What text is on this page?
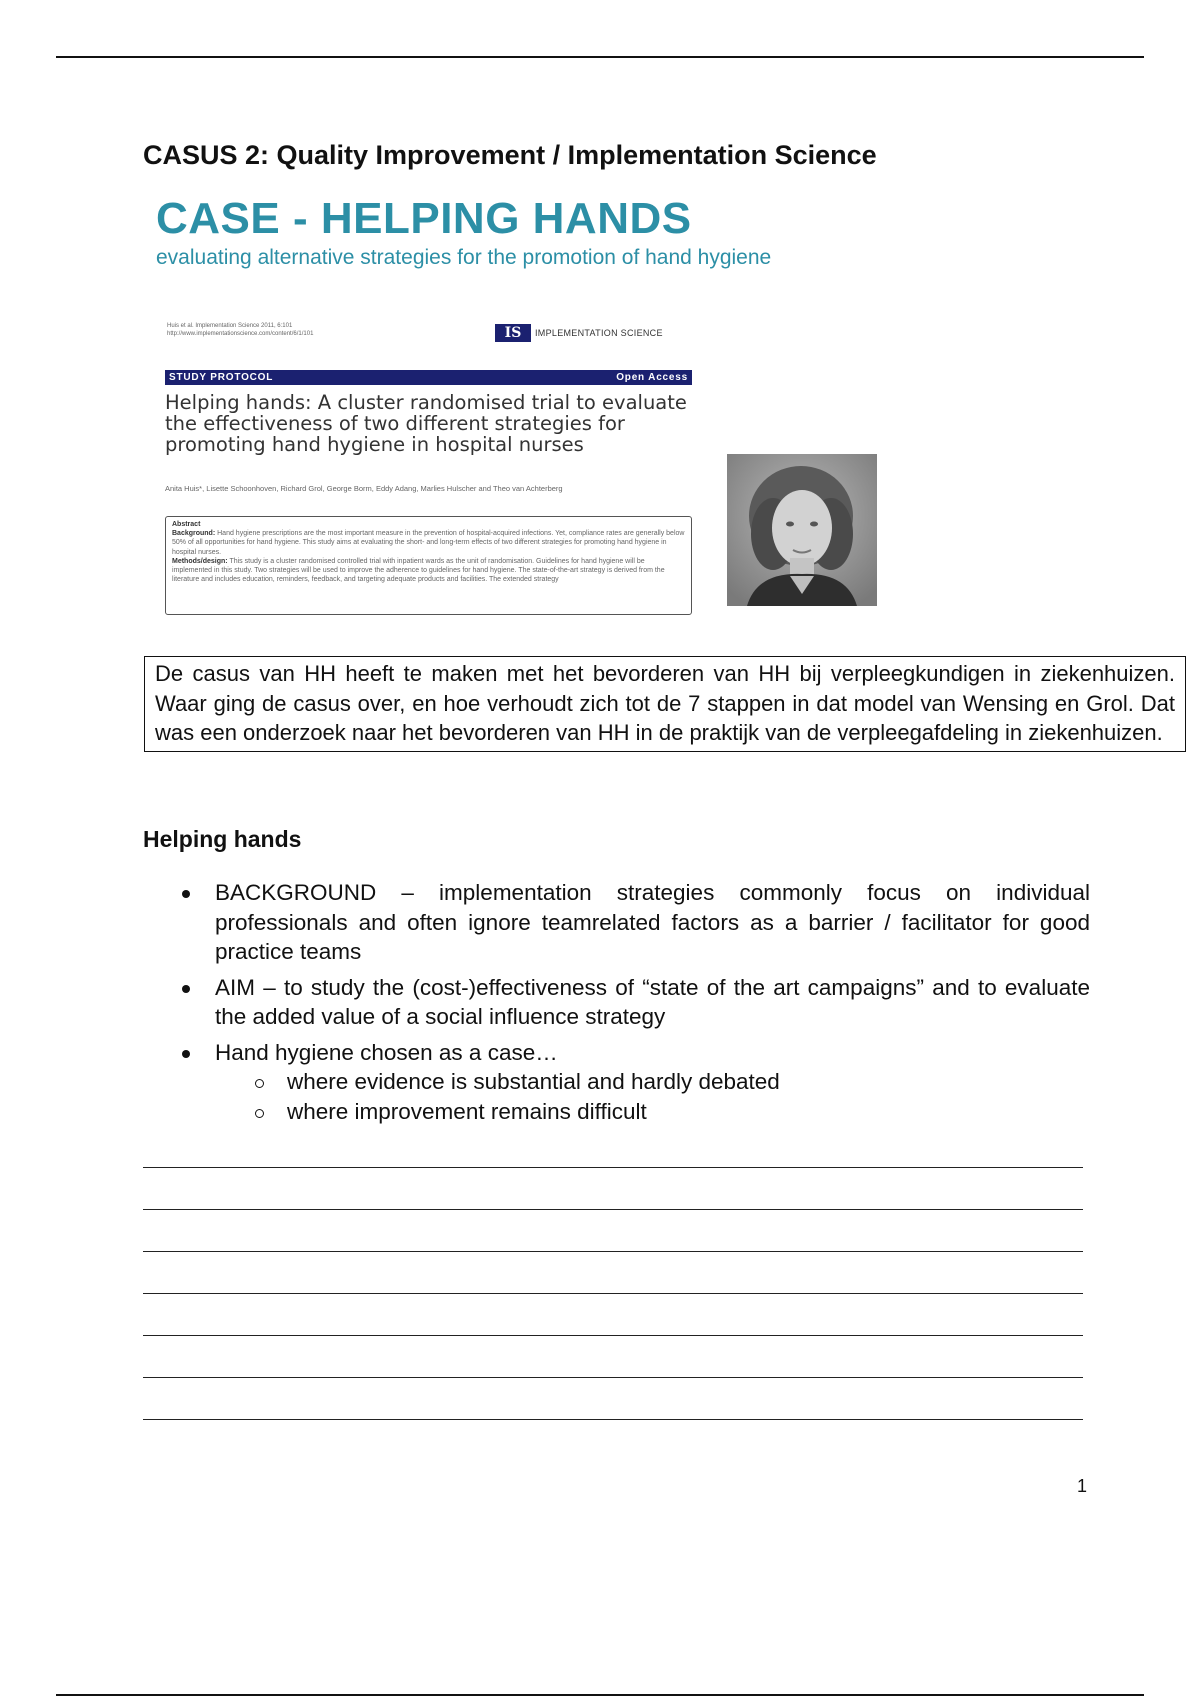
CASUS 2: Quality Improvement / Implementation Science
CASE - HELPING HANDS
evaluating alternative strategies for the promotion of hand hygiene
Huis et al. Implementation Science 2011, 6:101
http://www.implementationscience.com/content/6/1/101	IS	IMPLEMENTATION SCIENCE
STUDY PROTOCOL	Open Access
Helping hands: A cluster randomised trial to evaluate the effectiveness of two different strategies for promoting hand hygiene in hospital nurses
Anita Huis*, Lisette Schoonhoven, Richard Grol, George Borm, Eddy Adang, Marlies Hulscher and Theo van Achterberg
Abstract
Background: Hand hygiene prescriptions are the most important measure in the prevention of hospital-acquired infections. Yet, compliance rates are generally below 50% of all opportunities for hand hygiene. This study aims at evaluating the short- and long-term effects of two different strategies for promoting hand hygiene in hospital nurses.
Methods/design: This study is a cluster randomised controlled trial with inpatient wards as the unit of randomisation. Guidelines for hand hygiene will be implemented in this study. Two strategies will be used to improve the adherence to guidelines for hand hygiene. The state-of-the-art strategy is derived from the literature and includes education, reminders, feedback, and targeting adequate products and facilities. The extended strategy
De casus van HH heeft te maken met het bevorderen van HH bij verpleegkundigen in ziekenhuizen. Waar ging de casus over, en hoe verhoudt zich tot de 7 stappen in dat model van Wensing en Grol. Dat was een onderzoek naar het bevorderen van HH in de praktijk van de verpleegafdeling in ziekenhuizen.
Helping hands
BACKGROUND – implementation strategies commonly focus on individual professionals and often ignore teamrelated factors as a barrier / facilitator for good practice teams
AIM – to study the (cost-)effectiveness of “state of the art campaigns” and to evaluate the added value of a social influence strategy
Hand hygiene chosen as a case…
where evidence is substantial and hardly debated
where improvement remains difficult
1
